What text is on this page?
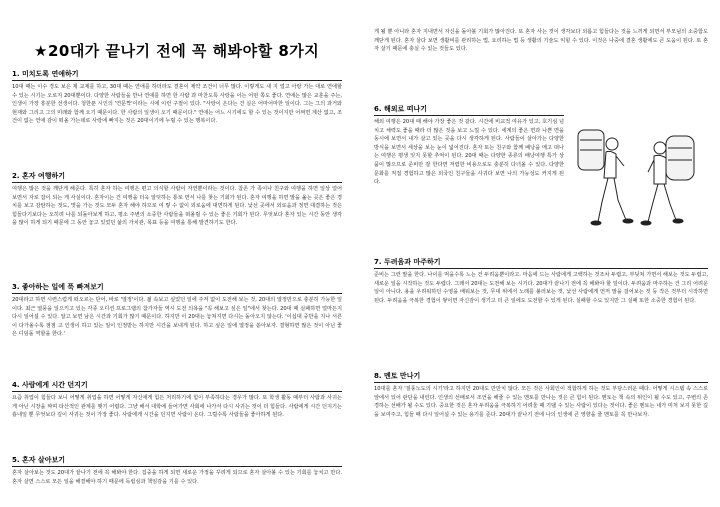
★20대가 끝나기 전에 꼭 해봐야할 8가지
1. 미치도록 연애하기

10대 때는 이수 경도 보은 제 교제를 하고, 30대 때는 연애를 하더라도 결혼이 제약 조건이 너무 많다. 이렇게도 새 지 얼고 아랑 가는 대로 연애할 수 있는 시기는 오로지 20대뿐이다. 다양한 사람들을 만나 연애를 하면 한 사람 과 마찬도록 사랑을 이는 어떤 쪽도 좋다. 연애는 많은 교훈을 주는, 인생이 가장 흥분한 선생이다. 청한푼 시인의 '연문짝'이라는 시에 이런 구절이 있다. "사랑이 온다는 건 실은 어마어마한 일이다. 그는 그의 과거와 현재와 그리고 그의 미래와 함께 오기 때문이다. 한 사람의 일생이 오기 때문이다." 연애는 어느 시기에도 할 수 있는 것이지만 어쩌면 계산 없고, 조건이 없는 연애 감이 떠올 가는데로 사랑에 빠지는 것은 20대이기에 누릴 수 있는 행복이다.

2. 혼자 여행하기

여행은 많은 것을 깨닫게 해준다. 특히 혼자 하는 여행은 편고 의식할 사람이 자연뿐이라는 것이다. 참존 가 족이나 친구와 여행을 하면 일상 얼어 보면서 자로 잡이 되는 게 사실이다. 혼자이는 건 여행을 더욱 알딧하는 통로 면서 나를 찾는 기회가 된다. 혼자 여행을 하면 발을 옮는 곳은 좋은 경치를 보고 감탄하는 것도, 맛을 가는 것도 모두 혼자 해야 하므로 여 렇 수 없이 외로움에 대면하게 된다. 낯선 곳에서 외로움과 정면 대결하는 것은 힘들다기보다는 오히려 나를 되돌아보게 하고, 평소 주변의 소중한 사람들을 떠올릴 수 있는 좋은 기회가 된다. 무엇보다 혼자 있는 시간 동안 생각을 많이 하게 되기 때문에 그 동안 놓고 있었던 삶의 가치관, 목표 등을 여행을 통해 발견하기도 한다.

3. 좋아하는 일에 푹 빠져보기

20대라고 하면 시련스럽게 떠오르는 단어, 바로 '열정'이다. 젊 속보고 싶었던 일에 주저 없이 도전해 보는 것, 20대의 열정만으로 충분히 가능한 일이다. 최근 열풍을 일으키고 있는 각종 오디션 프로그램의 참가자들 역시 도전 의욕을 "꼭 해보고 싶은 일"에서 찾는다. 20대 때 실패하면 얼마든지 다시 일어설 수 있다. 알고 보면 남은 시간과 기회가 많기 때문이다. 하지만 이 20대는 놓쳐지면 다시는 돌아오지 않는다. '이십대 중반을 지나 서른이 다가올수록 점점 고 인생이 하고 있는 일이 인정받는 하지만 시간을 보내게 된다. 하고 싶은 일에 열정을 쏟아보자. 결형하면 많은 것이 아닌 좋은 디딤돌 역할을 한다.'

4. 사람에게 시간 던지기

요즘 취업이 힘들다 보니 어떻게 취업을 하면 어떻게 자신에게 힘든 처리하기에 힘이 부족하다는 경우가 많다. 또 학생 활동 때부터 사람과 사귀는 게 아닌 시장을 짜며 타산적인 관계를 맺기 어렵다. 그냥 해서 대학에 들어가면 사회에 나가서 다시 사귀는 것이 더 힘들다. 사람에게 시간 던지기는 흉내일 뿐 무엇보다 깊이 사귀는 것이 가장 좋다. 사람에게 시간을 던지면 사람이 온다. 그럴수록 사람들을 좋아하게 된다.

5. 혼자 살아보기

혼자 살아보는 것도 20대가 끝나기 전에 꼭 해봐야 한다. 집중을 하게 되면 새로운 가정을 꾸려게 되므로 혼자 살아볼 수 있는 기회를 놓치고 만다. 혼자 살면 스스로 모든 일을 해결해야 하기 때문에 독립심과 책임감을 기를 수 있다.

게 될 뿐 아니라 혼자 지내면서 자신을 돌아볼 기회가 많아진다. 또 혼자 사는 것이 생각보다 외롭고 힘들다는 것을 느끼게 되면서 부모님의 소중함도 깨닫게 된다. 혼자 살다 보면 생활비를 관리하는 법, 요리하는 법 등 생활의 기술도 익힐 수 있다. 이것은 나중에 결혼 생활에도 큰 도움이 된다. 또 혼자 살기 때문에 충실 수 있는 것들도 있다.

6. 해외로 떠나기

해외 여행은 20대 때 해야 가장 좋은 것 같다. 시간에 비교적 여유가 있고, 호기심 넘치고 체력도 좋을 때라 더 많은 것을 보고 느낄 수 있다. 세계의 좋은 면과 나쁜 면을 동시에 보면서 내가 살고 있는 곳을 다시 생각하게 된다. 사람들이 살아가는 다양한 방식을 보면서 세상을 보는 눈이 넓어진다. 혼자 또는 친구와 함께 배낭을 메고 떠나는 여행은 평생 잊지 못할 추억이 된다. 20대 때는 다양한 종류의 배낭여행 특가 상품이 많으므로 준비만 잘 한다면 저렴한 비용으로도 충분히 다녀올 수 있다. 다양한 문화를 직접 경험하고 많은 외국인 친구들을 사귀다 보면 나의 가능성도 커지게 된다.

7. 두려움과 마주하기

준비는 그런 말을 한다. 나이를 먹을수록 느는 건 두려움뿐이라고. 마음에 드는 사람에게 고백하는 것조차 두렵고, 부딪쳐 가면서 해보는 것도 두렵고, 새로운 일을 시작하는 것도 두렵다. 그래서 20대는 도전해 보는 시기다. 20대가 끝나기 전에 꼭 해봐야 할 일이다. 두려움과 마주하는 건 그리 어려운 일이 아니다. 용을 우려워하던 수영을 배워보는 것, 무대 위에서 노래를 불러보는 것, 낯선 사람에게 먼저 말을 걸어보는 것 등 작은 것부터 시작하면 된다. 두려움을 극복한 경험이 쌓이면 자신감이 생기고 더 큰 일에도 도전할 수 있게 된다. 실패할 수도 있지만 그 실패 또한 소중한 경험이 된다.

8. 멘토 만나기

10대를 혼자 '질풍노도의 시기'라고 하지만 20대도 만만치 않다. 모든 것은 사회인이 적합하게 하는 것도 부담스러운 때다. 어떻게 시스템 속 스스로 앞에서 있어 판단을 내린다. 인생의 선배로서 조언을 해줄 수 있는 멘토를 만나는 것은 큰 힘이 된다. 멘토는 책 속의 위인이 될 수도 있고, 주변의 존경하는 선배가 될 수도 있다. 중요한 것은 혼자 두려움을 극복하기 어려울 때 기댈 수 있는 사람이 있다는 것이다. 좋은 멘토는 내가 미처 보지 못한 길을 보여주고, 힘들 때 다시 일어설 수 있는 용기를 준다. 20대가 끝나기 전에 나의 인생에 큰 영향을 줄 멘토를 꼭 만나보자.
